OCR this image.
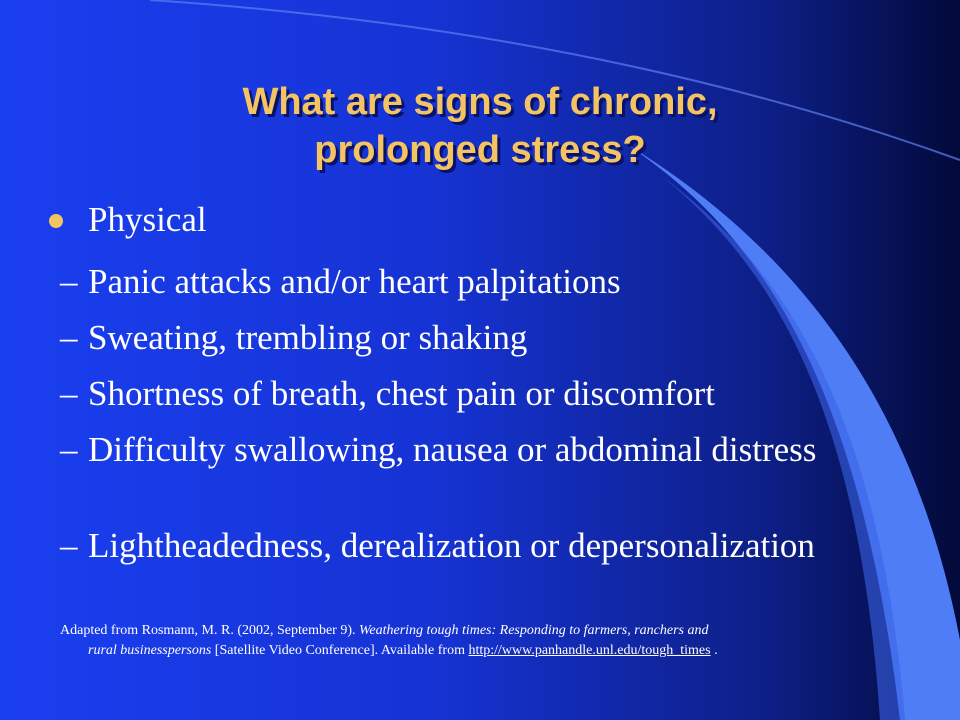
What are signs of chronic,
prolonged stress?

Physical

– Panic attacks and/or heart palpitations
– Sweating, trembling or shaking
– Shortness of breath, chest pain or discomfort
– Difficulty swallowing, nausea or abdominal distress
– Lightheadedness, derealization or depersonalization

Adapted from Rosmann, M. R. (2002, September 9). Weathering tough times: Responding to farmers, ranchers and
rural businesspersons [Satellite Video Conference]. Available from http://www.panhandle.unl.edu/tough_times .
